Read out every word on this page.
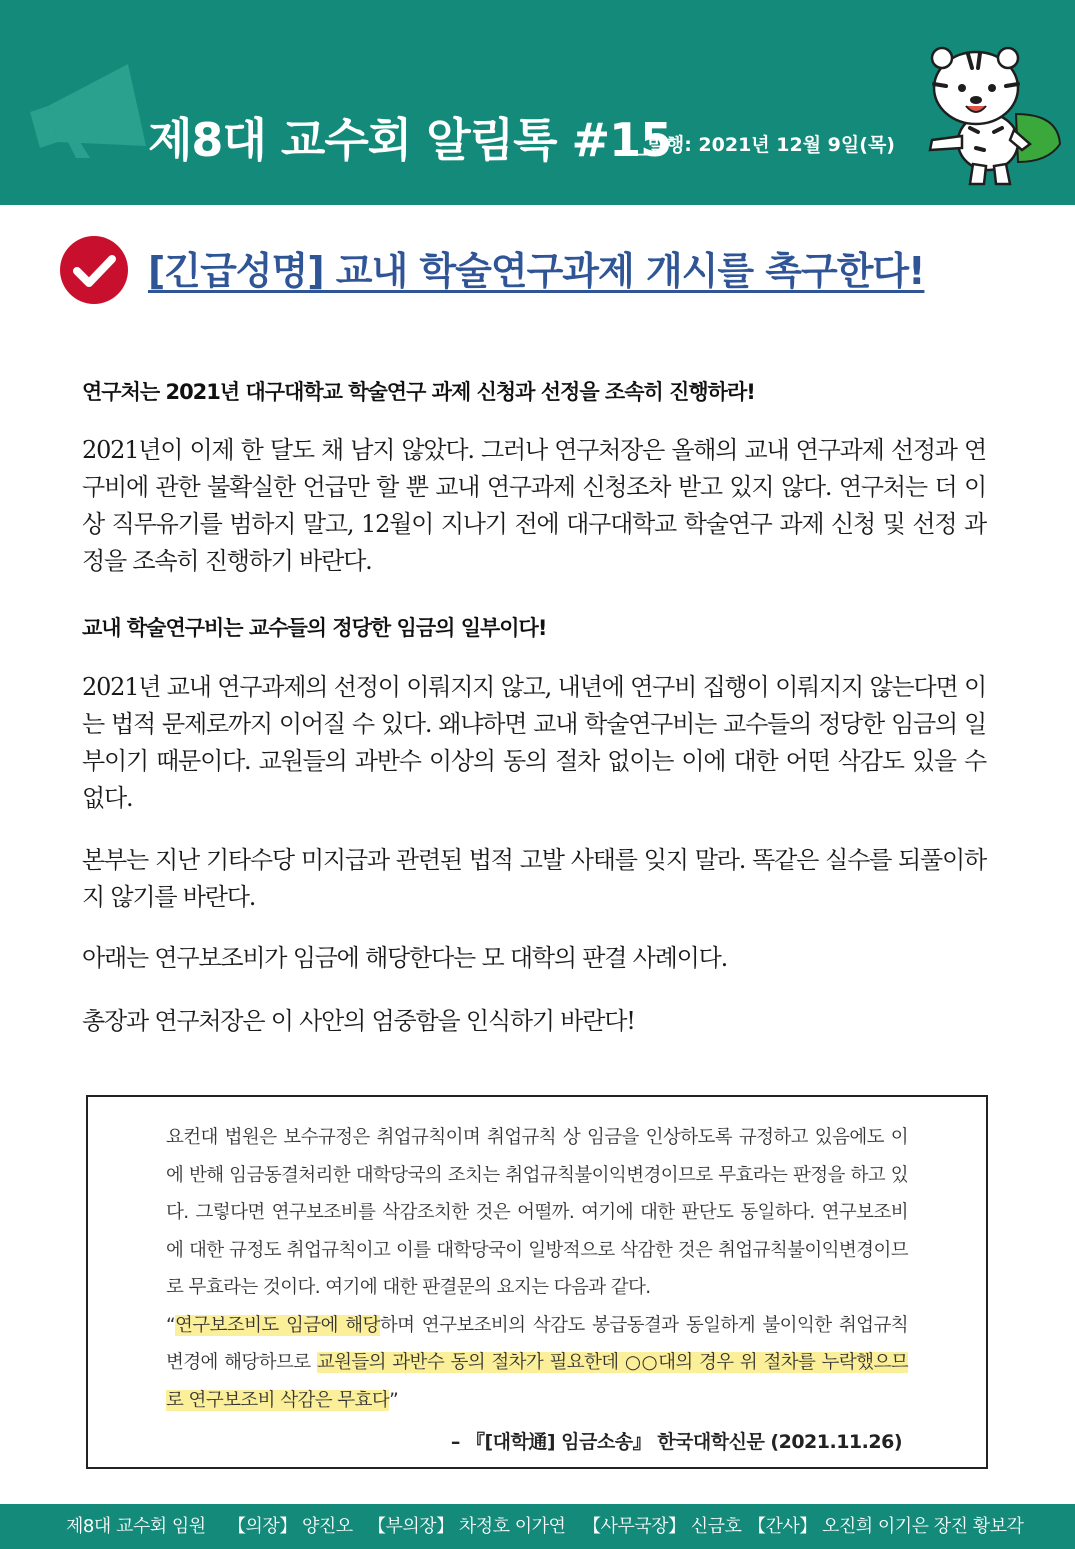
제8대 교수회 알림톡 #15
_발행: 2021년 12월 9일(목)
[긴급성명] 교내 학술연구과제 개시를 촉구한다!
연구처는 2021년 대구대학교 학술연구 과제 신청과 선정을 조속히 진행하라!
2021년이 이제 한 달도 채 남지 않았다. 그러나 연구처장은 올해의 교내 연구과제 선정과 연구비에 관한 불확실한 언급만 할 뿐 교내 연구과제 신청조차 받고 있지 않다. 연구처는 더 이상 직무유기를 범하지 말고, 12월이 지나기 전에 대구대학교 학술연구 과제 신청 및 선정 과정을 조속히 진행하기 바란다.
교내 학술연구비는 교수들의 정당한 임금의 일부이다!
2021년 교내 연구과제의 선정이 이뤄지지 않고, 내년에 연구비 집행이 이뤄지지 않는다면 이는 법적 문제로까지 이어질 수 있다. 왜냐하면 교내 학술연구비는 교수들의 정당한 임금의 일부이기 때문이다. 교원들의 과반수 이상의 동의 절차 없이는 이에 대한 어떤 삭감도 있을 수 없다.
본부는 지난 기타수당 미지급과 관련된 법적 고발 사태를 잊지 말라. 똑같은 실수를 되풀이하지 않기를 바란다.
아래는 연구보조비가 임금에 해당한다는 모 대학의 판결 사례이다.
총장과 연구처장은 이 사안의 엄중함을 인식하기 바란다!
요컨대 법원은 보수규정은 취업규칙이며 취업규칙 상 임금을 인상하도록 규정하고 있음에도 이에 반해 임금동결처리한 대학당국의 조치는 취업규칙불이익변경이므로 무효라는 판정을 하고 있다. 그렇다면 연구보조비를 삭감조치한 것은 어떨까. 여기에 대한 판단도 동일하다. 연구보조비에 대한 규정도 취업규칙이고 이를 대학당국이 일방적으로 삭감한 것은 취업규칙불이익변경이므로 무효라는 것이다. 여기에 대한 판결문의 요지는 다음과 같다.
“연구보조비도 임금에 해당하며 연구보조비의 삭감도 봉급동결과 동일하게 불이익한 취업규칙변경에 해당하므로 교원들의 과반수 동의 절차가 필요한데 ○○대의 경우 위 절차를 누락했으므로 연구보조비 삭감은 무효다”
– 『[대학通] 임금소송』 한국대학신문 (2021.11.26)
제8대 교수회 임원 【의장】 양진오 【부의장】 차정호 이가연 【사무국장】 신금호 【간사】 오진희 이기은 장진 황보각
